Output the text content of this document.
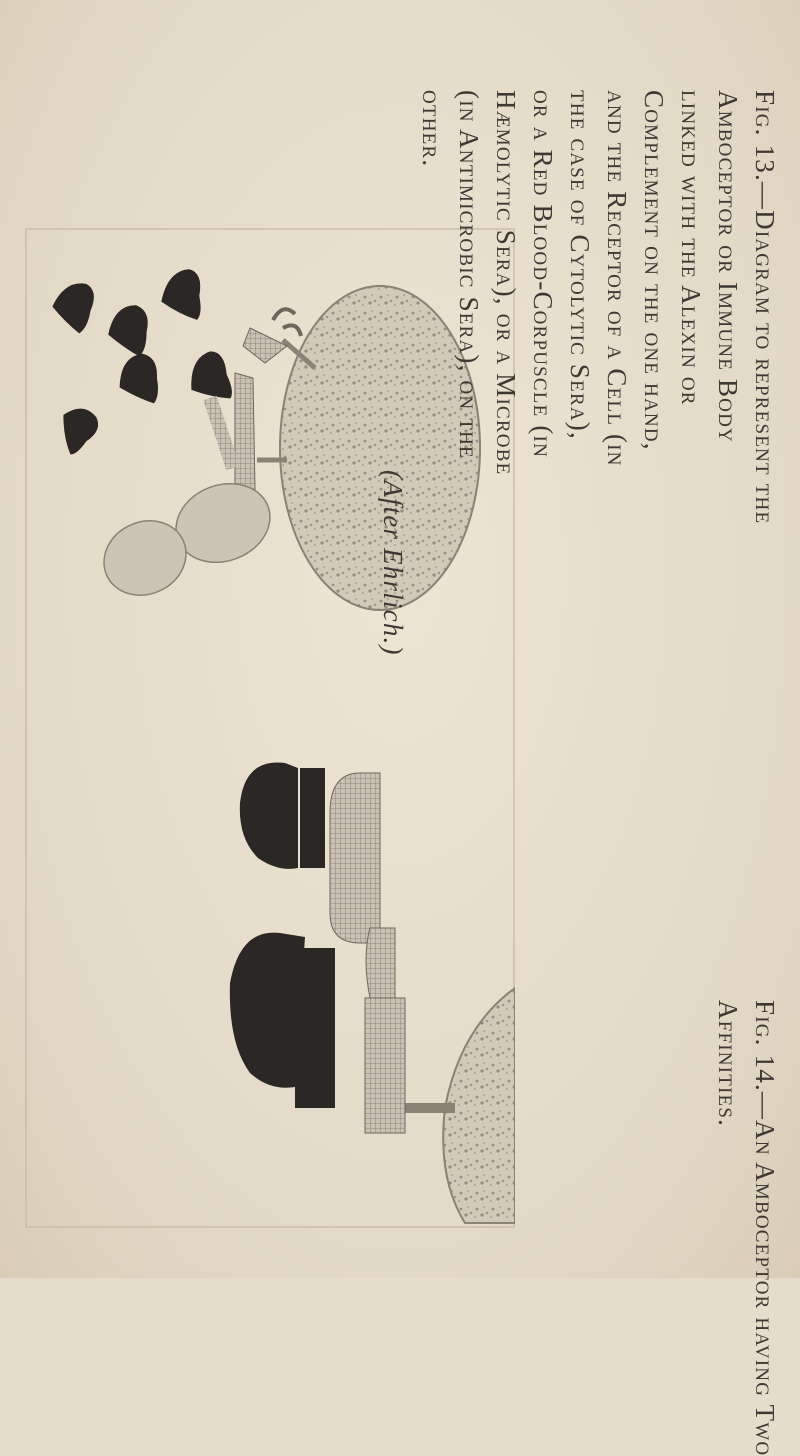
Fig. 13.—Diagram to represent the
Amboceptor or Immune Body
linked with the Alexin or
Complement on the one hand,
and the Receptor of a Cell (in
the case of Cytolytic Sera),
or a Red Blood-Corpuscle (in
Hæmolytic Sera), or a Microbe
(in Antimicrobic Sera), on the
other.
(After Ehrlich.)
Fig. 14.—An Amboceptor having Two
Affinities.
